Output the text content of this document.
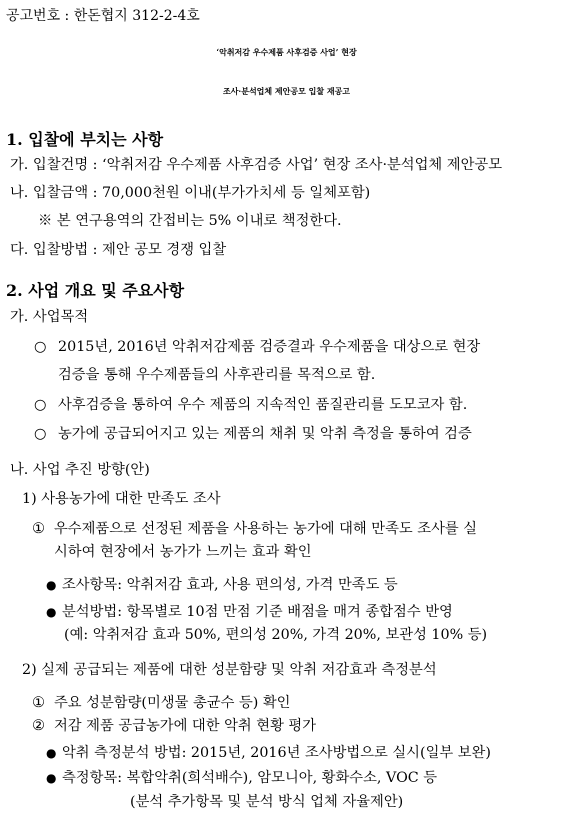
공고번호 : 한돈협지 312-2-4호
‘악취저감 우수제품 사후검증 사업’ 현장
조사·분석업체 제안공모 입찰 재공고
1. 입찰에 부치는 사항
가. 입찰건명 : ‘악취저감 우수제품 사후검증 사업’ 현장 조사·분석업체 제안공모
나. 입찰금액 : 70,000천원 이내(부가가치세 등 일체포함)
※ 본 연구용역의 간접비는 5% 이내로 책정한다.
다. 입찰방법 : 제안 공모 경쟁 입찰
2. 사업 개요 및 주요사항
가. 사업목적
○ 2015년, 2016년 악취저감제품 검증결과 우수제품을 대상으로 현장
검증을 통해 우수제품들의 사후관리를 목적으로 함.
○ 사후검증을 통하여 우수 제품의 지속적인 품질관리를 도모코자 함.
○ 농가에 공급되어지고 있는 제품의 채취 및 악취 측정을 통하여 검증
나. 사업 추진 방향(안)
1) 사용농가에 대한 만족도 조사
① 우수제품으로 선정된 제품을 사용하는 농가에 대해 만족도 조사를 실
시하여 현장에서 농가가 느끼는 효과 확인
● 조사항목: 악취저감 효과, 사용 편의성, 가격 만족도 등
● 분석방법: 항목별로 10점 만점 기준 배점을 매겨 종합점수 반영
(예: 악취저감 효과 50%, 편의성 20%, 가격 20%, 보관성 10% 등)
2) 실제 공급되는 제품에 대한 성분함량 및 악취 저감효과 측정분석
① 주요 성분함량(미생물 총균수 등) 확인
② 저감 제품 공급농가에 대한 악취 현황 평가
● 악취 측정분석 방법: 2015년, 2016년 조사방법으로 실시(일부 보완)
● 측정항목: 복합악취(희석배수), 암모니아, 황화수소, VOC 등
(분석 추가항목 및 분석 방식 업체 자율제안)
